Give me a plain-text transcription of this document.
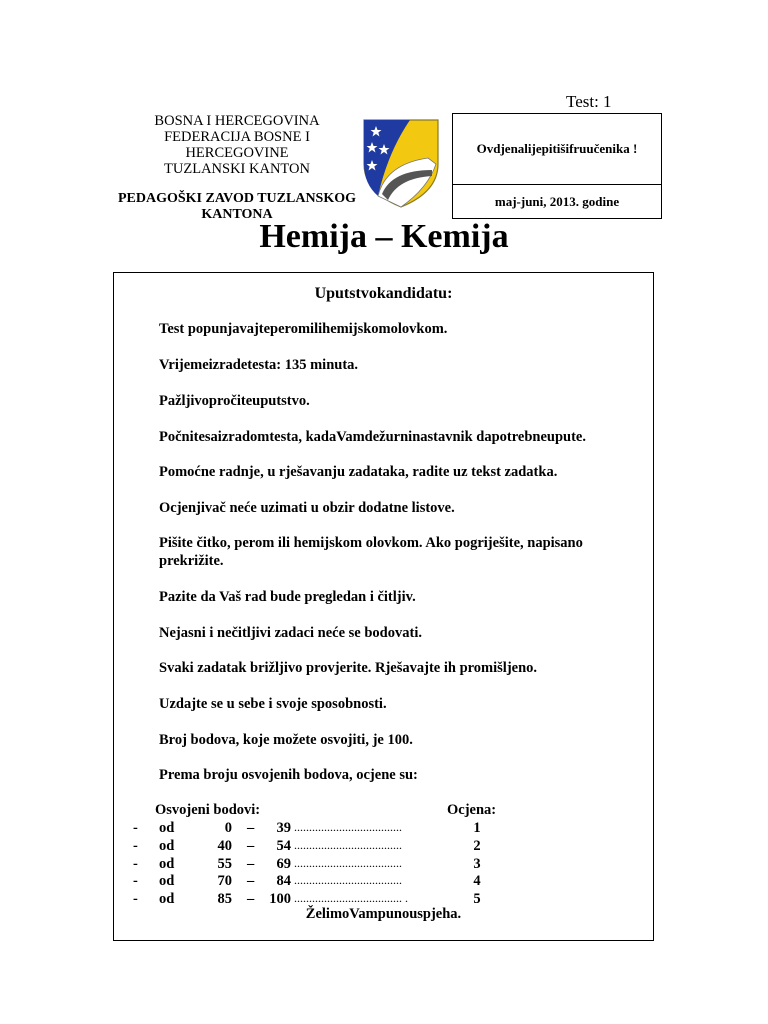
Test: 1
BOSNA I HERCEGOVINA
FEDERACIJA BOSNE I HERCEGOVINE
TUZLANSKI KANTON
PEDAGOŠKI ZAVOD TUZLANSKOG
KANTONA
Ovdjenalijepitišifruučenika !
maj-juni, 2013. godine
Hemija – Kemija
Uputstvokandidatu:
Test popunjavajteperomilihemijskomolovkom.
Vrijemeizradetesta: 135 minuta.
Pažljivopročiteuputstvo.
Počnitesaizradomtesta, kadaVamdežurninastavnik dapotrebneupute.
Pomoćne radnje, u rješavanju zadataka, radite uz tekst zadatka.
Ocjenjivač neće uzimati u obzir dodatne listove.
Pišite čitko, perom ili hemijskom olovkom. Ako pogriješite, napisano prekrižite.
Pazite da Vaš rad bude pregledan i čitljiv.
Nejasni i nečitljivi zadaci neće se bodovati.
Svaki zadatak brižljivo provjerite. Rješavajte ih promišljeno.
Uzdajte se u sebe i svoje sposobnosti.
Broj bodova, koje možete osvojiti, je 100.
Prema broju osvojenih bodova, ocjene su:
Osvojeni bodovi:	Ocjena:
- od	0 –	39 ....................................	1
- od	40 –	54 ....................................	2
- od	55 –	69 ....................................	3
- od	70 –	84 ....................................	4
- od	85 –	100 .................................... .	5
ŽelimoVampunouspjeha.
